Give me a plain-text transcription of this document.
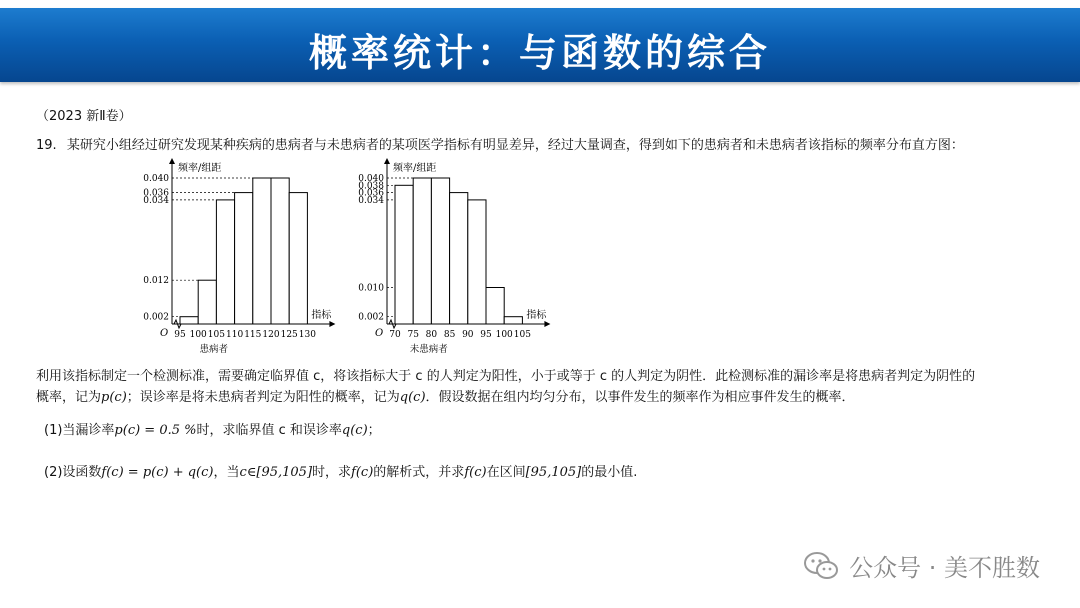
概率统计：与函数的综合
（2023 新Ⅱ卷）
19. 某研究小组经过研究发现某种疾病的患病者与未患病者的某项医学指标有明显差异，经过大量调查，得到如下的患病者和未患病者该指标的频率分布直方图：
频率/组距
指标
O
患病者
0.002
0.012
0.034
0.036
0.040
95 100 105 110 115 120 125 130
频率/组距
指标
O
未患病者
0.002
0.010
0.034
0.036
0.038
0.040
70 75 80 85 90 95 100 105
利用该指标制定一个检测标准，需要确定临界值 c，将该指标大于 c 的人判定为阳性，小于或等于 c 的人判定为阴性．此检测标准的漏诊率是将患病者判定为阴性的
概率，记为p(c)；误诊率是将未患病者判定为阳性的概率，记为q(c)．假设数据在组内均匀分布，以事件发生的频率作为相应事件发生的概率．
(1)当漏诊率p(c) = 0.5 %时，求临界值 c 和误诊率q(c)；
(2)设函数f(c) = p(c) + q(c)，当c∈[95,105]时，求f(c)的解析式，并求f(c)在区间[95,105]的最小值.
公众号 · 美不胜数
